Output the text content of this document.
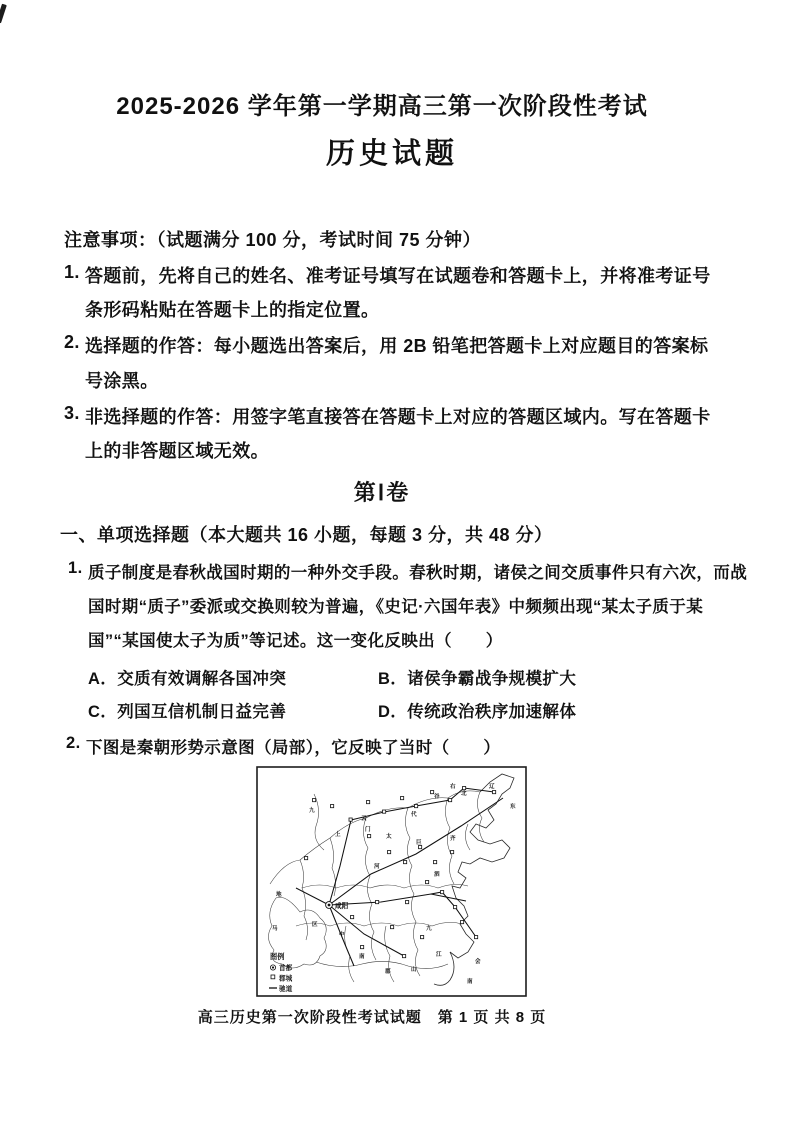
2025-2026 学年第一学期高三第一次阶段性考试
历史试题
注意事项：（试题满分 100 分，考试时间 75 分钟）
1. 答题前，先将自己的姓名、准考证号填写在试题卷和答题卡上，并将准考证号
条形码粘贴在答题卡上的指定位置。
2. 选择题的作答：每小题选出答案后，用 2B 铅笔把答题卡上对应题目的答案标
号涂黑。
3. 非选择题的作答：用签字笔直接答在答题卡上对应的答题区域内。写在答题卡
上的非答题区域无效。
第Ⅰ卷
一、单项选择题（本大题共 16 小题，每题 3 分，共 48 分）
1. 质子制度是春秋战国时期的一种外交手段。春秋时期，诸侯之间交质事件只有六次，而战
国时期“质子”委派或交换则较为普遍，《史记·六国年表》中频频出现“某太子质于某
国”“某国使太子为质”等记述。这一变化反映出（　　）
A．交质有效调解各国冲突	B．诸侯争霸战争规模扩大
C．列国互信机制日益完善	D．传统政治秩序加速解体
2. 下图是秦朝形势示意图（局部），它反映了当时（　　）
咸阳
九
上
云
门
太
代
谷
右
北
辽
东
齐
巨
河
泗
马
区
中
南
郡	山
江
九
会
南
地
图例
首都
郡城
驰道
高三历史第一次阶段性考试试题　第 1 页 共 8 页
